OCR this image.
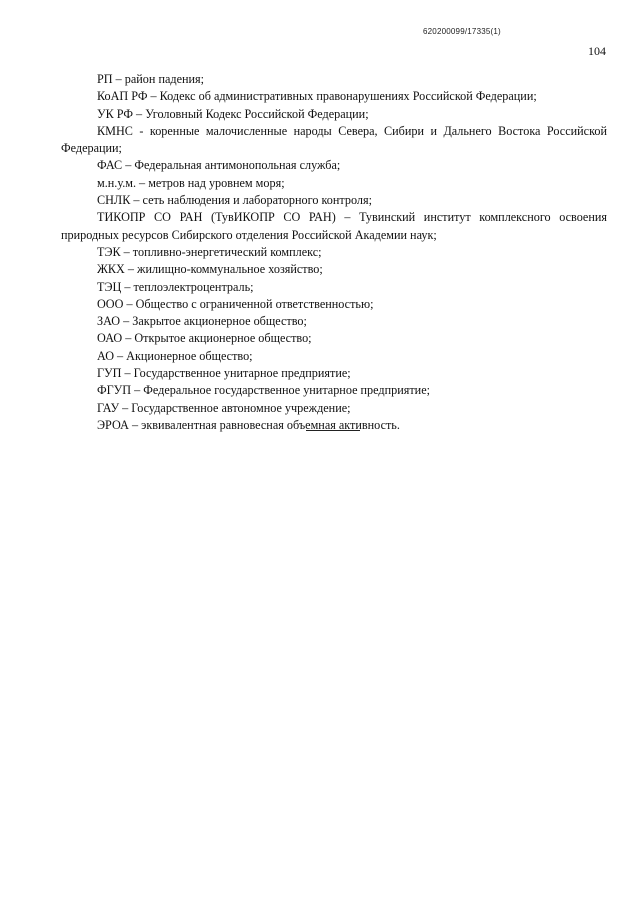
620200099/17335(1)
104

РП – район падения;

КоАП РФ – Кодекс об административных правонарушениях Российской Федерации;

УК РФ – Уголовный Кодекс Российской Федерации;

КМНС - коренные малочисленные народы Севера, Сибири и Дальнего Востока Российской Федерации;

ФАС – Федеральная антимонопольная служба;

м.н.у.м. – метров над уровнем моря;

СНЛК – сеть наблюдения и лабораторного контроля;

ТИКОПР СО РАН (ТувИКОПР СО РАН) – Тувинский институт комплексного освоения природных ресурсов Сибирского отделения Российской Академии наук;

ТЭК – топливно-энергетический комплекс;

ЖКХ – жилищно-коммунальное хозяйство;

ТЭЦ – теплоэлектроцентраль;

ООО – Общество с ограниченной ответственностью;

ЗАО – Закрытое акционерное общество;

ОАО – Открытое акционерное общество;

АО – Акционерное общество;

ГУП – Государственное унитарное предприятие;

ФГУП – Федеральное государственное унитарное предприятие;

ГАУ – Государственное автономное учреждение;

ЭРОА – эквивалентная равновесная объемная активность.
